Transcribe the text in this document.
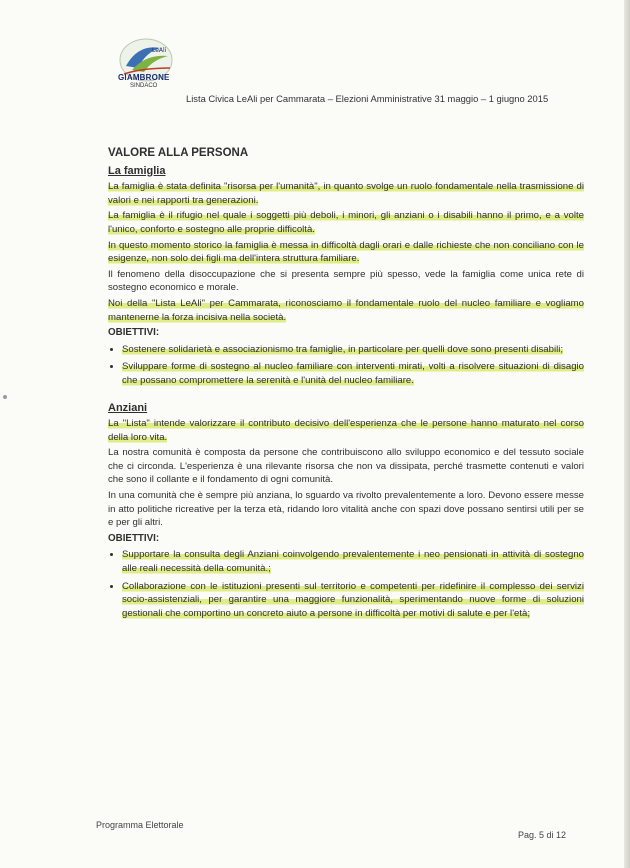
LeAli
GIAMBRONE
SINDACO
Lista Civica LeAli per Cammarata – Elezioni Amministrative 31 maggio – 1 giugno 2015
VALORE ALLA PERSONA
La famiglia

La famiglia è stata definita "risorsa per l'umanità", in quanto svolge un ruolo fondamentale nella trasmissione di valori e nei rapporti tra generazioni.

La famiglia è il rifugio nel quale i soggetti più deboli, i minori, gli anziani o i disabili hanno il primo, e a volte l'unico, conforto e sostegno alle proprie difficoltà.

In questo momento storico la famiglia è messa in difficoltà dagli orari e dalle richieste che non conciliano con le esigenze, non solo dei figli ma dell'intera struttura familiare.

Il fenomeno della disoccupazione che si presenta sempre più spesso, vede la famiglia come unica rete di sostegno economico e morale.

Noi della "Lista LeAli" per Cammarata, riconosciamo il fondamentale ruolo del nucleo familiare e vogliamo mantenerne la forza incisiva nella società.

OBIETTIVI:
• Sostenere solidarietà e associazionismo tra famiglie, in particolare per quelli dove sono presenti disabili;
• Sviluppare forme di sostegno al nucleo familiare con interventi mirati, volti a risolvere situazioni di disagio che possano compromettere la serenità e l'unità del nucleo familiare.
Anziani

La "Lista" intende valorizzare il contributo decisivo dell'esperienza che le persone hanno maturato nel corso della loro vita.

La nostra comunità è composta da persone che contribuiscono allo sviluppo economico e del tessuto sociale che ci circonda. L'esperienza è una rilevante risorsa che non va dissipata, perché trasmette contenuti e valori che sono il collante e il fondamento di ogni comunità.

In una comunità che è sempre più anziana, lo sguardo va rivolto prevalentemente a loro. Devono essere messe in atto politiche ricreative per la terza età, ridando loro vitalità anche con spazi dove possano sentirsi utili per se e per gli altri.

OBIETTIVI:
• Supportare la consulta degli Anziani coinvolgendo prevalentemente i neo pensionati in attività di sostegno alle reali necessità della comunità.;
• Collaborazione con le istituzioni presenti sul territorio e competenti per ridefinire il complesso dei servizi socio-assistenziali, per garantire una maggiore funzionalità, sperimentando nuove forme di soluzioni gestionali che comportino un concreto aiuto a persone in difficoltà per motivi di salute e per l'età;
Programma Elettorale
Pag. 5 di 12
